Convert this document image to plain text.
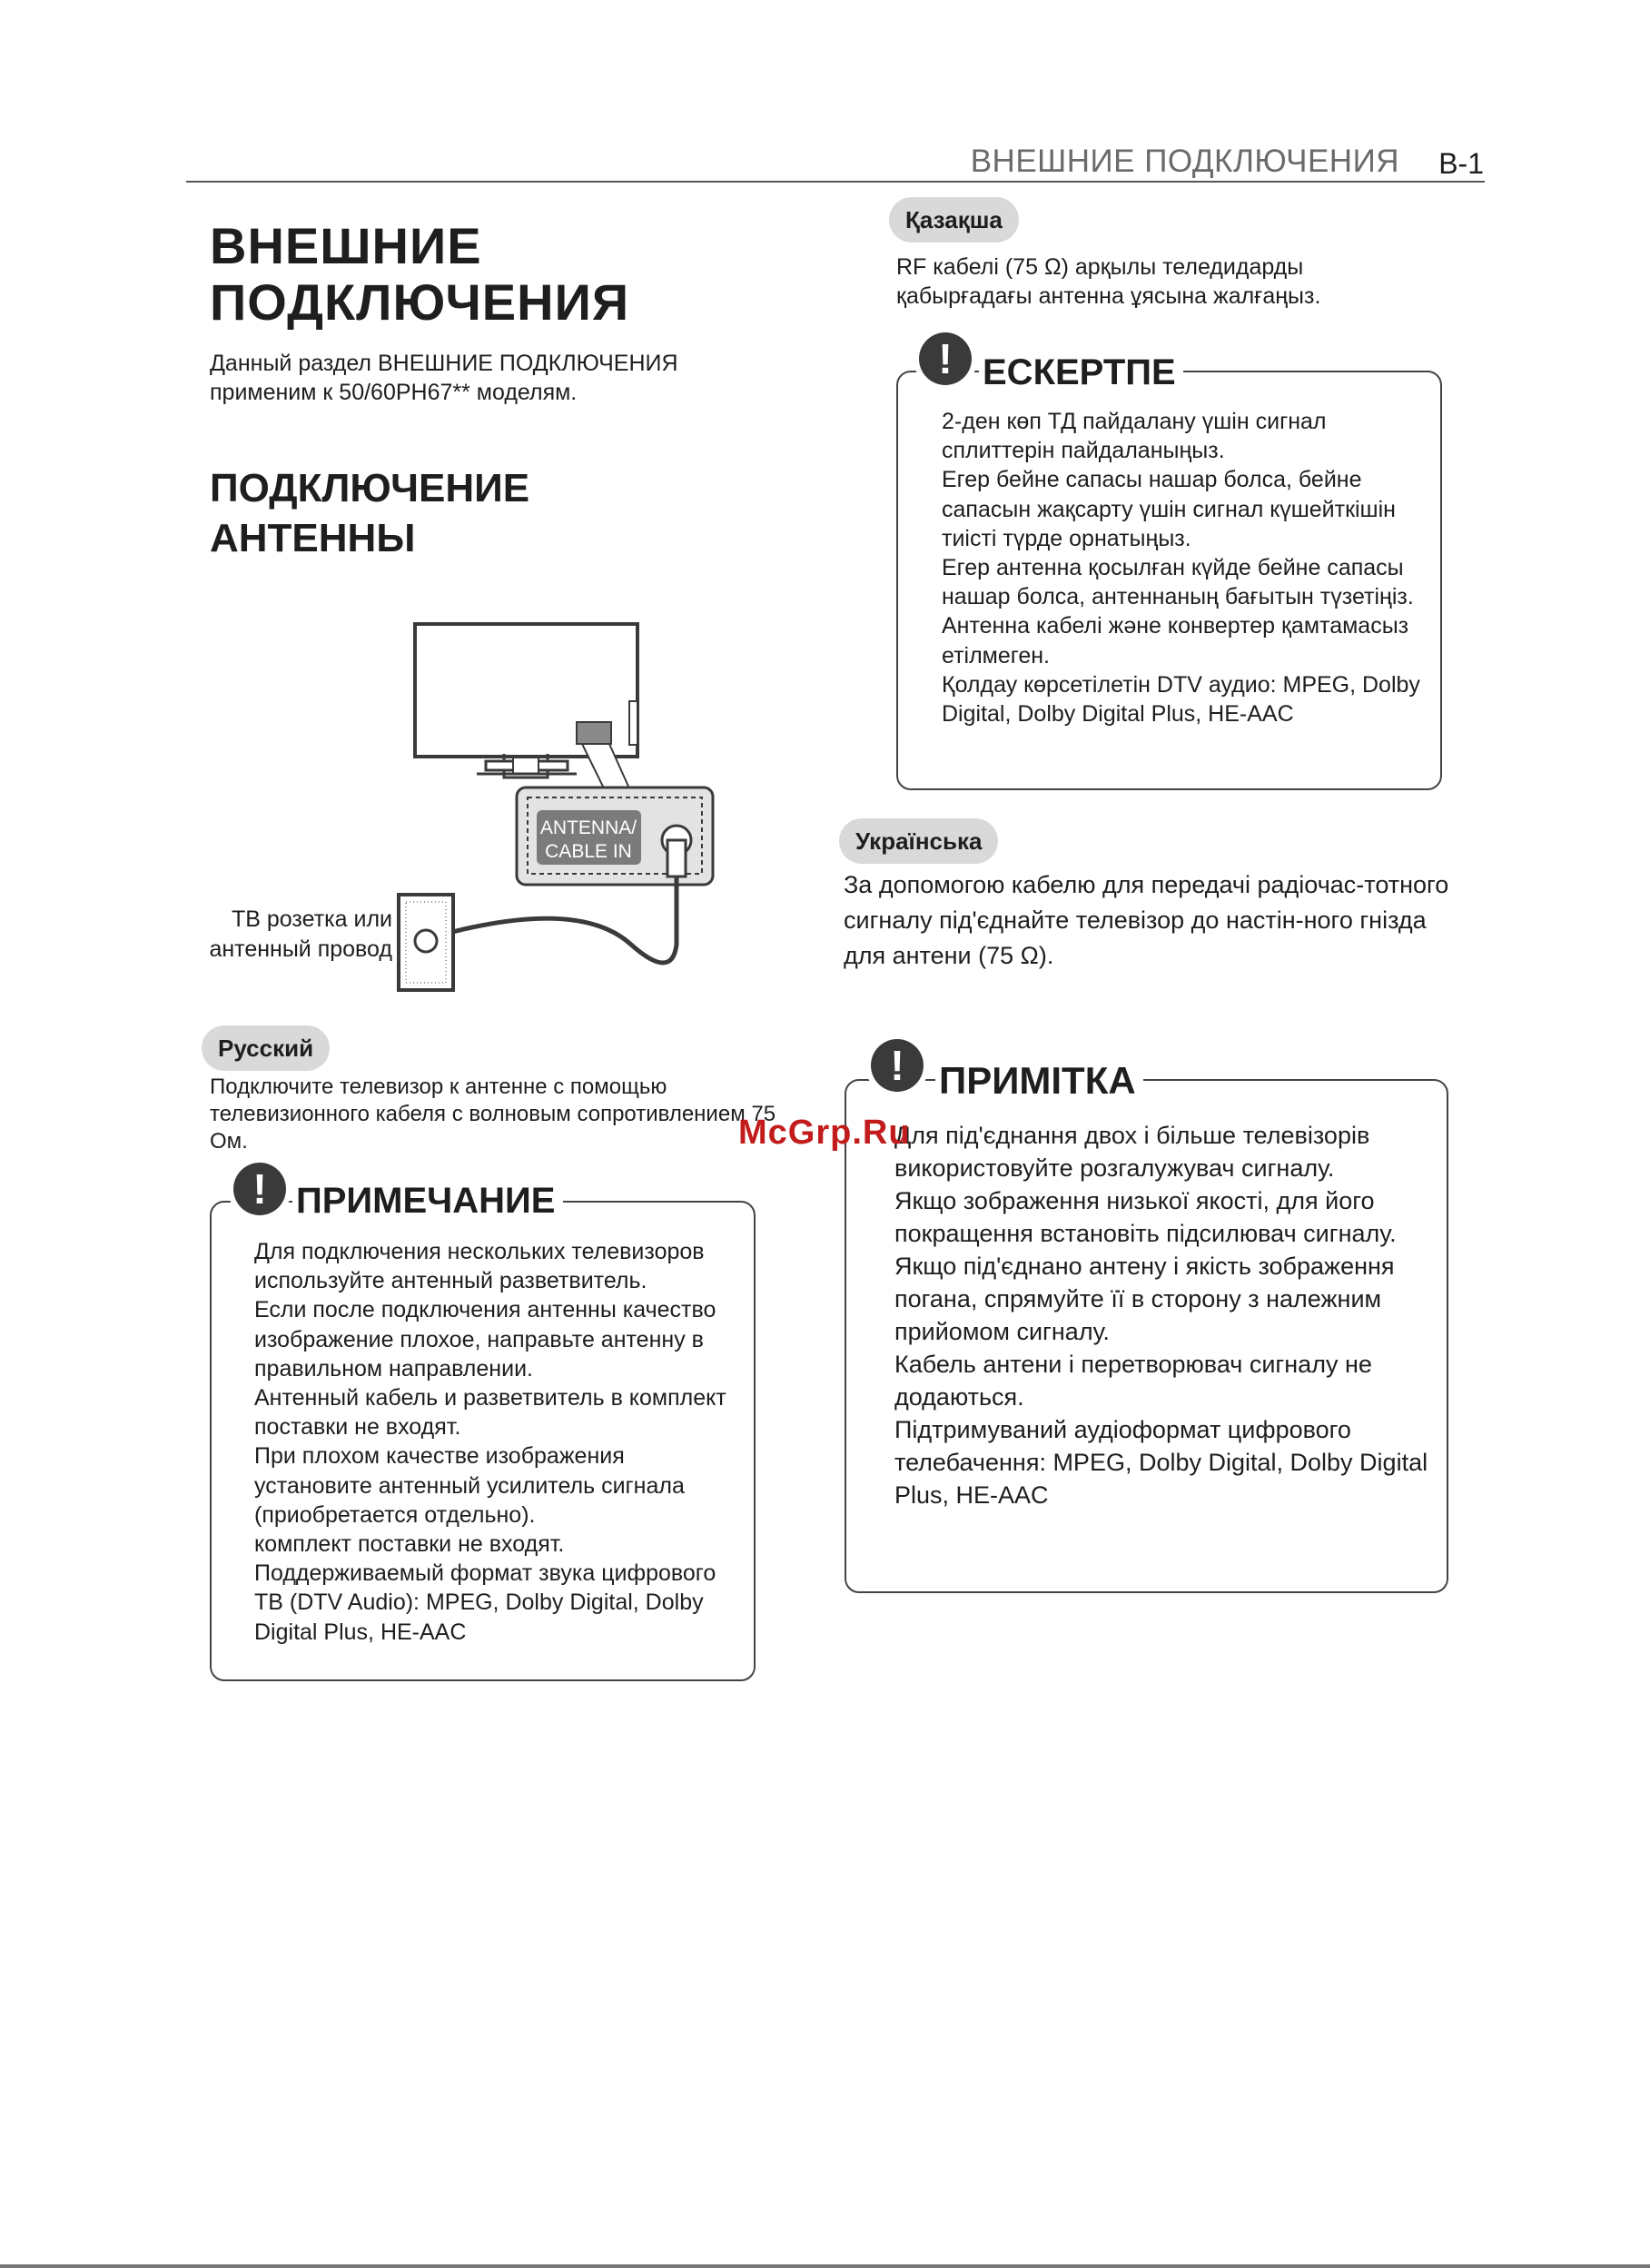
ВНЕШНИЕ ПОДКЛЮЧЕНИЯ B-1
ВНЕШНИЕ
ПОДКЛЮЧЕНИЯ
Данный раздел ВНЕШНИЕ ПОДКЛЮЧЕНИЯ применим к 50/60PH67** моделям.
ПОДКЛЮЧЕНИЕ
АНТЕННЫ
ANTENNA/
CABLE IN
ТВ розетка или
антенный провод
Русский
Подключите телевизор к антенне с помощью телевизионного кабеля с волновым сопротивлением 75 Ом.
! ПРИМЕЧАНИЕ
Для подключения нескольких телевизоров используйте антенный разветвитель.
Если после подключения антенны качество изображение плохое, направьте антенну в правильном направлении.
Антенный кабель и разветвитель в комплект поставки не входят.
При плохом качестве изображения установите антенный усилитель сигнала (приобретается отдельно).
комплект поставки не входят.
Поддерживаемый формат звука цифрового ТВ (DTV Audio): MPEG, Dolby Digital, Dolby Digital Plus, HE-AAC
Қазақша
RF кабелі (75 Ω) арқылы теледидарды қабырғадағы антенна ұясына жалғаңыз.
! ЕСКЕРТПЕ
2-ден көп ТД пайдалану үшін сигнал сплиттерін пайдаланыңыз.
Егер бейне сапасы нашар болса, бейне сапасын жақсарту үшін сигнал күшейткішін тиісті түрде орнатыңыз.
Егер антенна қосылған күйде бейне сапасы нашар болса, антеннаның бағытын түзетіңіз.
Антенна кабелі және конвертер қамтамасыз етілмеген.
Қолдау көрсетілетін DTV аудио: MPEG, Dolby Digital, Dolby Digital Plus, HE-AAC
Українська
За допомогою кабелю для передачі радіочас-тотного сигналу під'єднайте телевізор до настін-ного гнізда для антени (75 Ω).
! ПРИМІТКА
Для під'єднання двох і більше телевізорів використовуйте розгалужувач сигналу.
Якщо зображення низької якості, для його покращення встановіть підсилювач сигналу.
Якщо під'єднано антену і якість зображення погана, спрямуйте її в сторону з належним прийомом сигналу.
Кабель антени і перетворювач сигналу не додаються.
Підтримуваний аудіоформат цифрового телебачення: MPEG, Dolby Digital, Dolby Digital Plus, HE-AAC
McGrp.Ru
